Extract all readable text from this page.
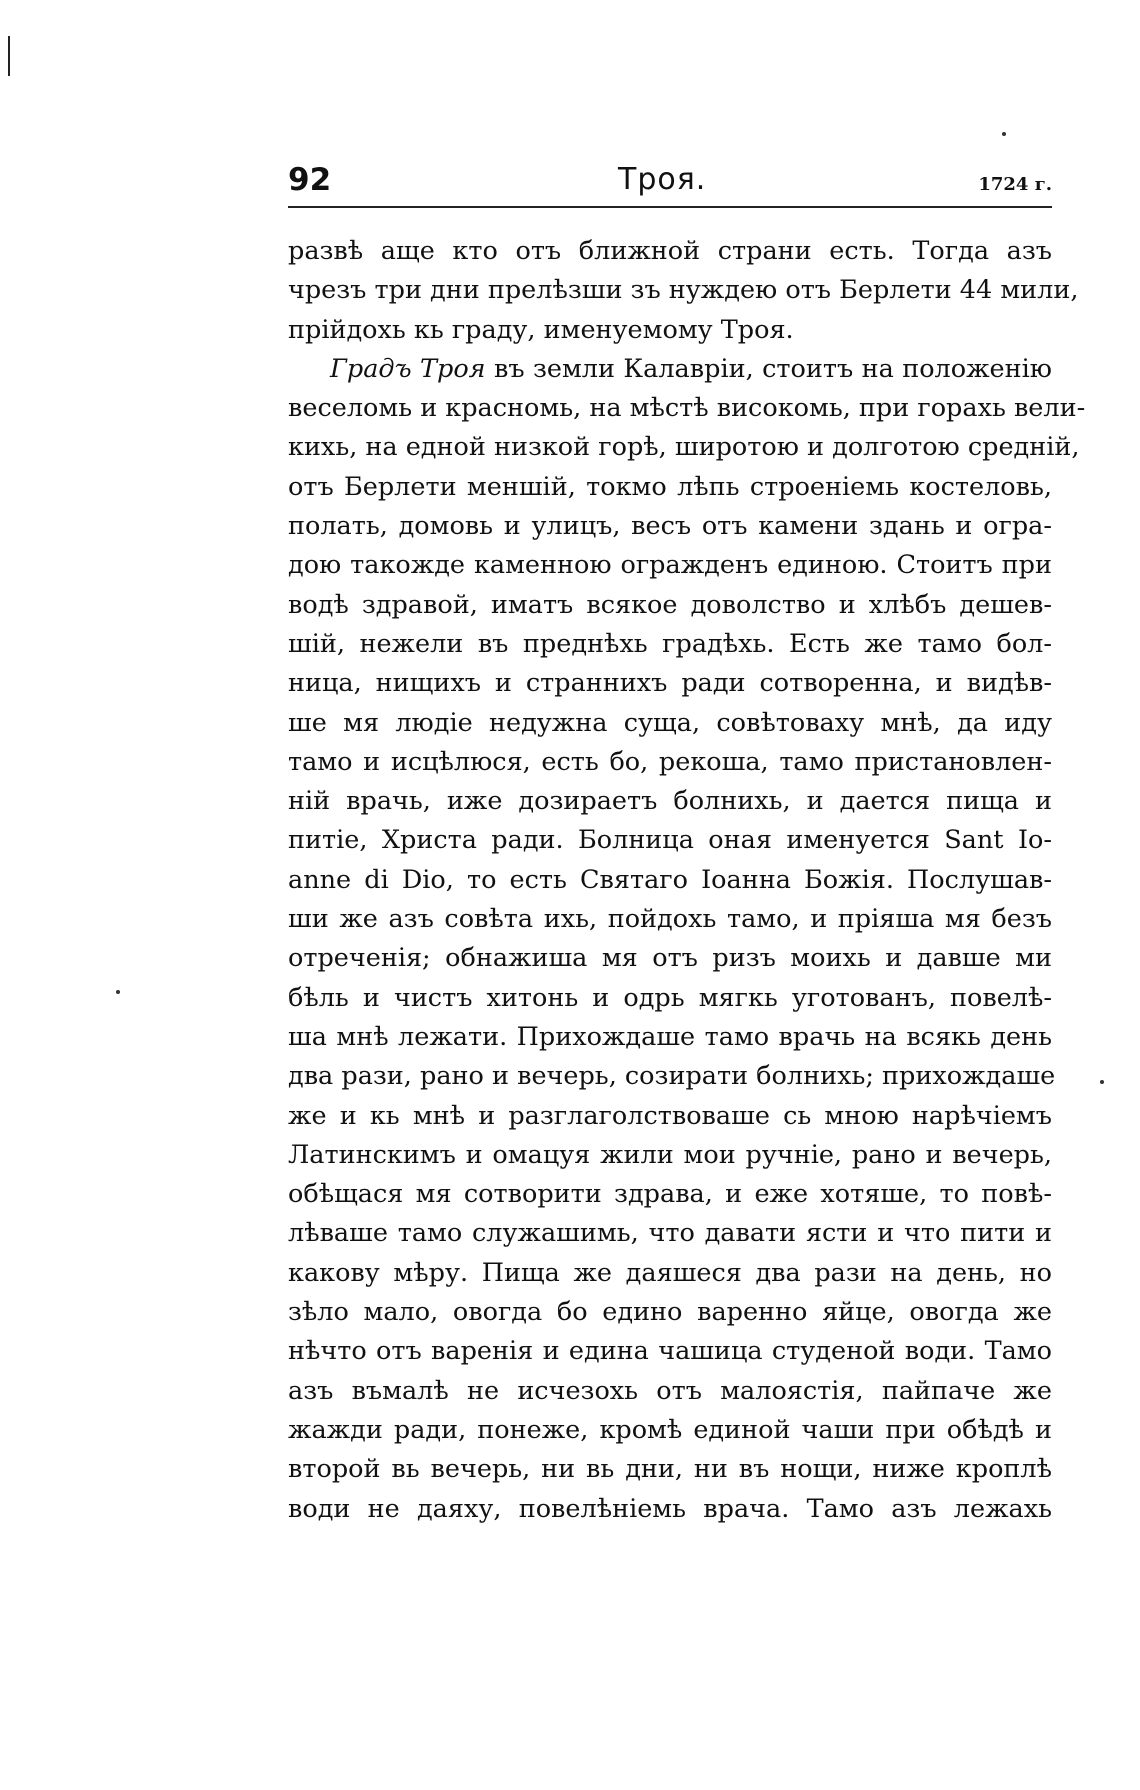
92	Троя.	1724 г.
развѣ аще кто отъ ближной страни есть. Тогда азъ
чрезъ три дни прелѣзши зъ нуждею отъ Берлети 44 мили,
прійдохь кь граду, именуемому Троя.
Градъ Троя въ земли Калавріи, стоитъ на положенію
веселомь и красномь, на мѣстѣ високомь, при горахь вели-
кихь, на едной низкой горѣ, широтою и долготою средній,
отъ Берлети меншій, токмо лѣпь строеніемь костеловь,
полать, домовь и улицъ, весъ отъ камени здань и огра-
дою такожде каменною огражденъ единою. Стоитъ при
водѣ здравой, иматъ всякое доволство и хлѣбъ дешев-
шій, нежели въ преднѣхь градѣхь. Есть же тамо бол-
ница, нищихъ и страннихъ ради сотворенна, и видѣв-
ше мя людіе недужна суща, совѣтоваху мнѣ, да иду
тамо и исцѣлюся, есть бо, рекоша, тамо пристановлен-
ній врачь, иже дозираетъ болнихь, и дается пища и
питіе, Христа ради. Болница оная именуется Sant Io-
anne di Dio, то есть Святаго Іоанна Божія. Послушав-
ши же азъ совѣта ихь, пойдохь тамо, и пріяша мя безъ
отреченія; обнажиша мя отъ ризъ моихь и давше ми
бѣль и чистъ хитонь и одрь мягкь уготованъ, повелѣ-
ша мнѣ лежати. Прихождаше тамо врачь на всякь день
два рази, рано и вечерь, созирати болнихь; прихождаше
же и кь мнѣ и разглаголствоваше сь мною нарѣчіемъ
Латинскимъ и омацуя жили мои ручніе, рано и вечерь,
обѣщася мя сотворити здрава, и еже хотяше, то повѣ-
лѣваше тамо служашимь, что давати ясти и что пити и
какову мѣру. Пища же даяшеся два рази на день, но
зѣло мало, овогда бо едино варенно яйце, овогда же
нѣчто отъ варенія и едина чашица студеной води. Тамо
азъ въмалѣ не исчезохь отъ малоястія, пайпаче же
жажди ради, понеже, кромѣ единой чаши при обѣдѣ и
второй вь вечерь, ни вь дни, ни въ нощи, ниже кроплѣ
води не даяху, повелѣніемь врача. Тамо азъ лежахь
